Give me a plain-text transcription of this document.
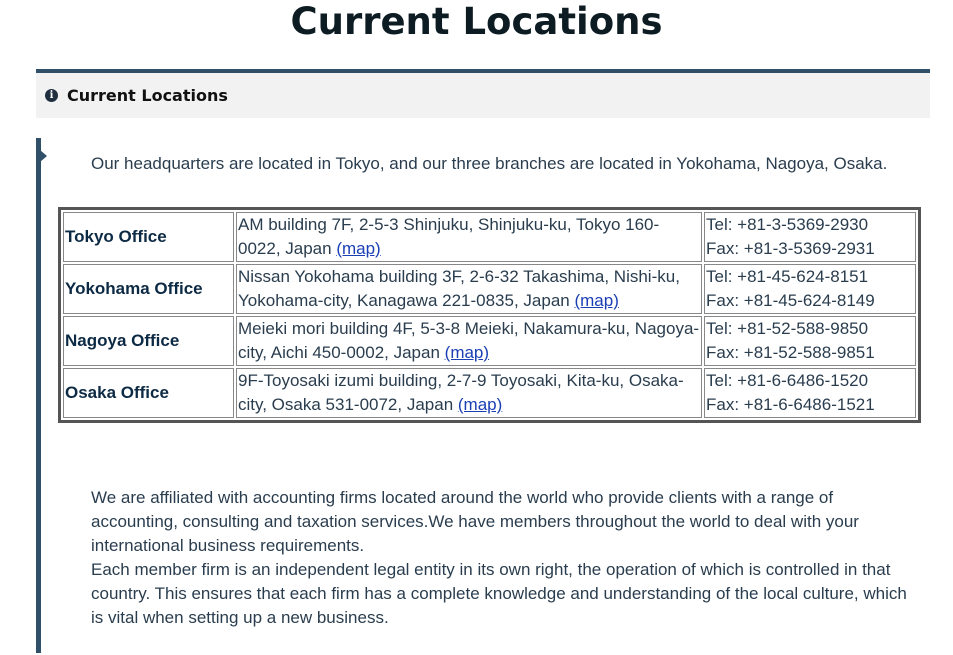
Current Locations
i Current Locations

Our headquarters are located in Tokyo, and our three branches are located in Yokohama, Nagoya, Osaka.

Tokyo Office	AM building 7F, 2-5-3 Shinjuku, Shinjuku-ku, Tokyo 160-0022, Japan (map)	Tel: +81-3-5369-2930
Fax: +81-3-5369-2931

Yokohama Office	Nissan Yokohama building 3F, 2-6-32 Takashima, Nishi-ku, Yokohama-city, Kanagawa 221-0835, Japan (map)	Tel: +81-45-624-8151
Fax: +81-45-624-8149

Nagoya Office	Meieki mori building 4F, 5-3-8 Meieki, Nakamura-ku, Nagoya-city, Aichi 450-0002, Japan (map)	Tel: +81-52-588-9850
Fax: +81-52-588-9851

Osaka Office	9F-Toyosaki izumi building, 2-7-9 Toyosaki, Kita-ku, Osaka-city, Osaka 531-0072, Japan (map)	Tel: +81-6-6486-1520
Fax: +81-6-6486-1521

We are affiliated with accounting firms located around the world who provide clients with a range of accounting, consulting and taxation services.We have members throughout the world to deal with your international business requirements.
Each member firm is an independent legal entity in its own right, the operation of which is controlled in that country. This ensures that each firm has a complete knowledge and understanding of the local culture, which is vital when setting up a new business.
